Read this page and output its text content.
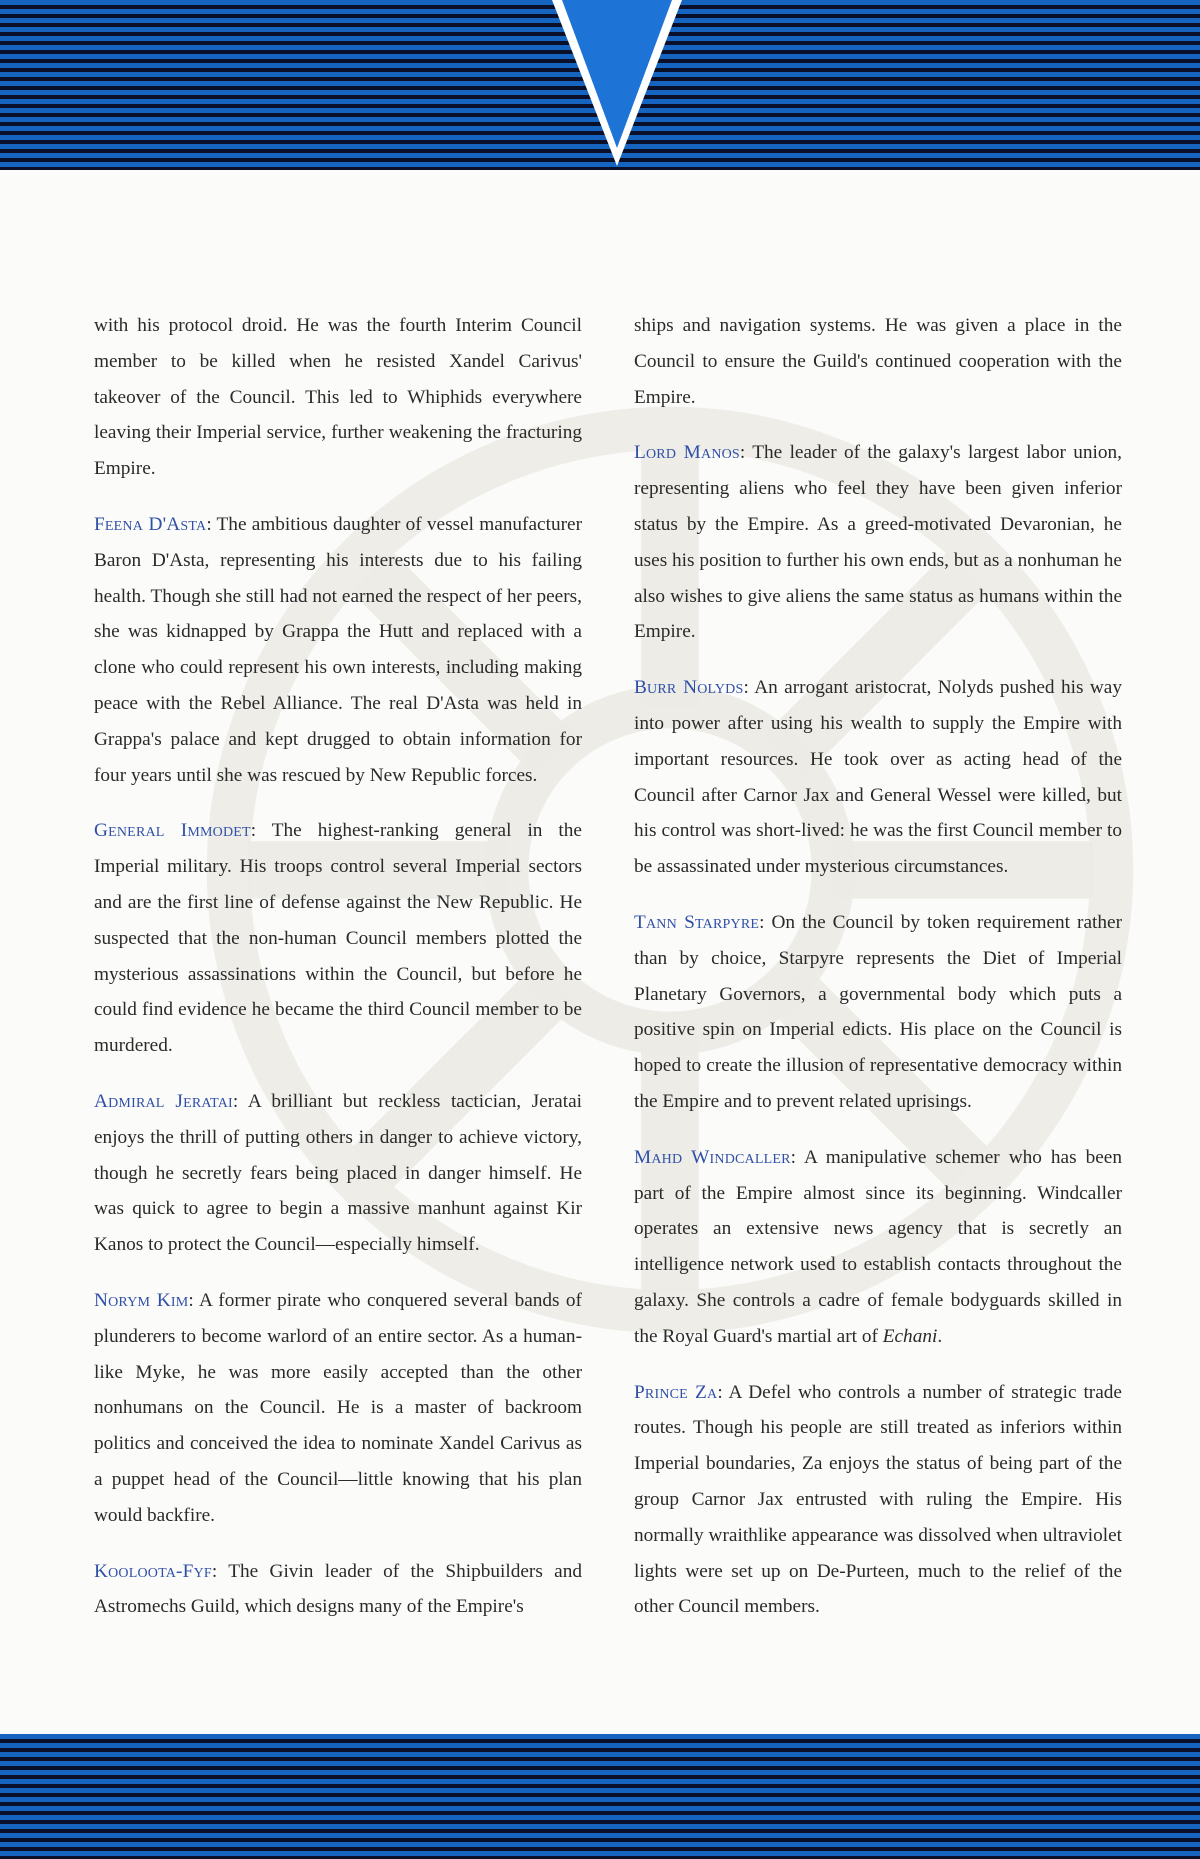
with his protocol droid. He was the fourth Interim Council member to be killed when he resisted Xandel Carivus' takeover of the Council. This led to Whiphids everywhere leaving their Imperial service, further weakening the fracturing Empire.

Feena D'Asta: The ambitious daughter of vessel manufacturer Baron D'Asta, representing his interests due to his failing health. Though she still had not earned the respect of her peers, she was kidnapped by Grappa the Hutt and replaced with a clone who could represent his own interests, including making peace with the Rebel Alliance. The real D'Asta was held in Grappa's palace and kept drugged to obtain information for four years until she was rescued by New Republic forces.

General Immodet: The highest-ranking general in the Imperial military. His troops control several Imperial sectors and are the first line of defense against the New Republic. He suspected that the non-human Council members plotted the mysterious assassinations within the Council, but before he could find evidence he became the third Council member to be murdered.

Admiral Jeratai: A brilliant but reckless tactician, Jeratai enjoys the thrill of putting others in danger to achieve victory, though he secretly fears being placed in danger himself. He was quick to agree to begin a massive manhunt against Kir Kanos to protect the Council—especially himself.

Norym Kim: A former pirate who conquered several bands of plunderers to become warlord of an entire sector. As a human-like Myke, he was more easily accepted than the other nonhumans on the Council. He is a master of backroom politics and conceived the idea to nominate Xandel Carivus as a puppet head of the Council—little knowing that his plan would backfire.

Kooloota-Fyf: The Givin leader of the Shipbuilders and Astromechs Guild, which designs many of the Empire's

ships and navigation systems. He was given a place in the Council to ensure the Guild's continued cooperation with the Empire.

Lord Manos: The leader of the galaxy's largest labor union, representing aliens who feel they have been given inferior status by the Empire. As a greed-motivated Devaronian, he uses his position to further his own ends, but as a nonhuman he also wishes to give aliens the same status as humans within the Empire.

Burr Nolyds: An arrogant aristocrat, Nolyds pushed his way into power after using his wealth to supply the Empire with important resources. He took over as acting head of the Council after Carnor Jax and General Wessel were killed, but his control was short-lived: he was the first Council member to be assassinated under mysterious circumstances.

Tann Starpyre: On the Council by token requirement rather than by choice, Starpyre represents the Diet of Imperial Planetary Governors, a governmental body which puts a positive spin on Imperial edicts. His place on the Council is hoped to create the illusion of representative democracy within the Empire and to prevent related uprisings.

Mahd Windcaller: A manipulative schemer who has been part of the Empire almost since its beginning. Windcaller operates an extensive news agency that is secretly an intelligence network used to establish contacts throughout the galaxy. She controls a cadre of female bodyguards skilled in the Royal Guard's martial art of Echani.

Prince Za: A Defel who controls a number of strategic trade routes. Though his people are still treated as inferiors within Imperial boundaries, Za enjoys the status of being part of the group Carnor Jax entrusted with ruling the Empire. His normally wraithlike appearance was dissolved when ultraviolet lights were set up on De-Purteen, much to the relief of the other Council members.
